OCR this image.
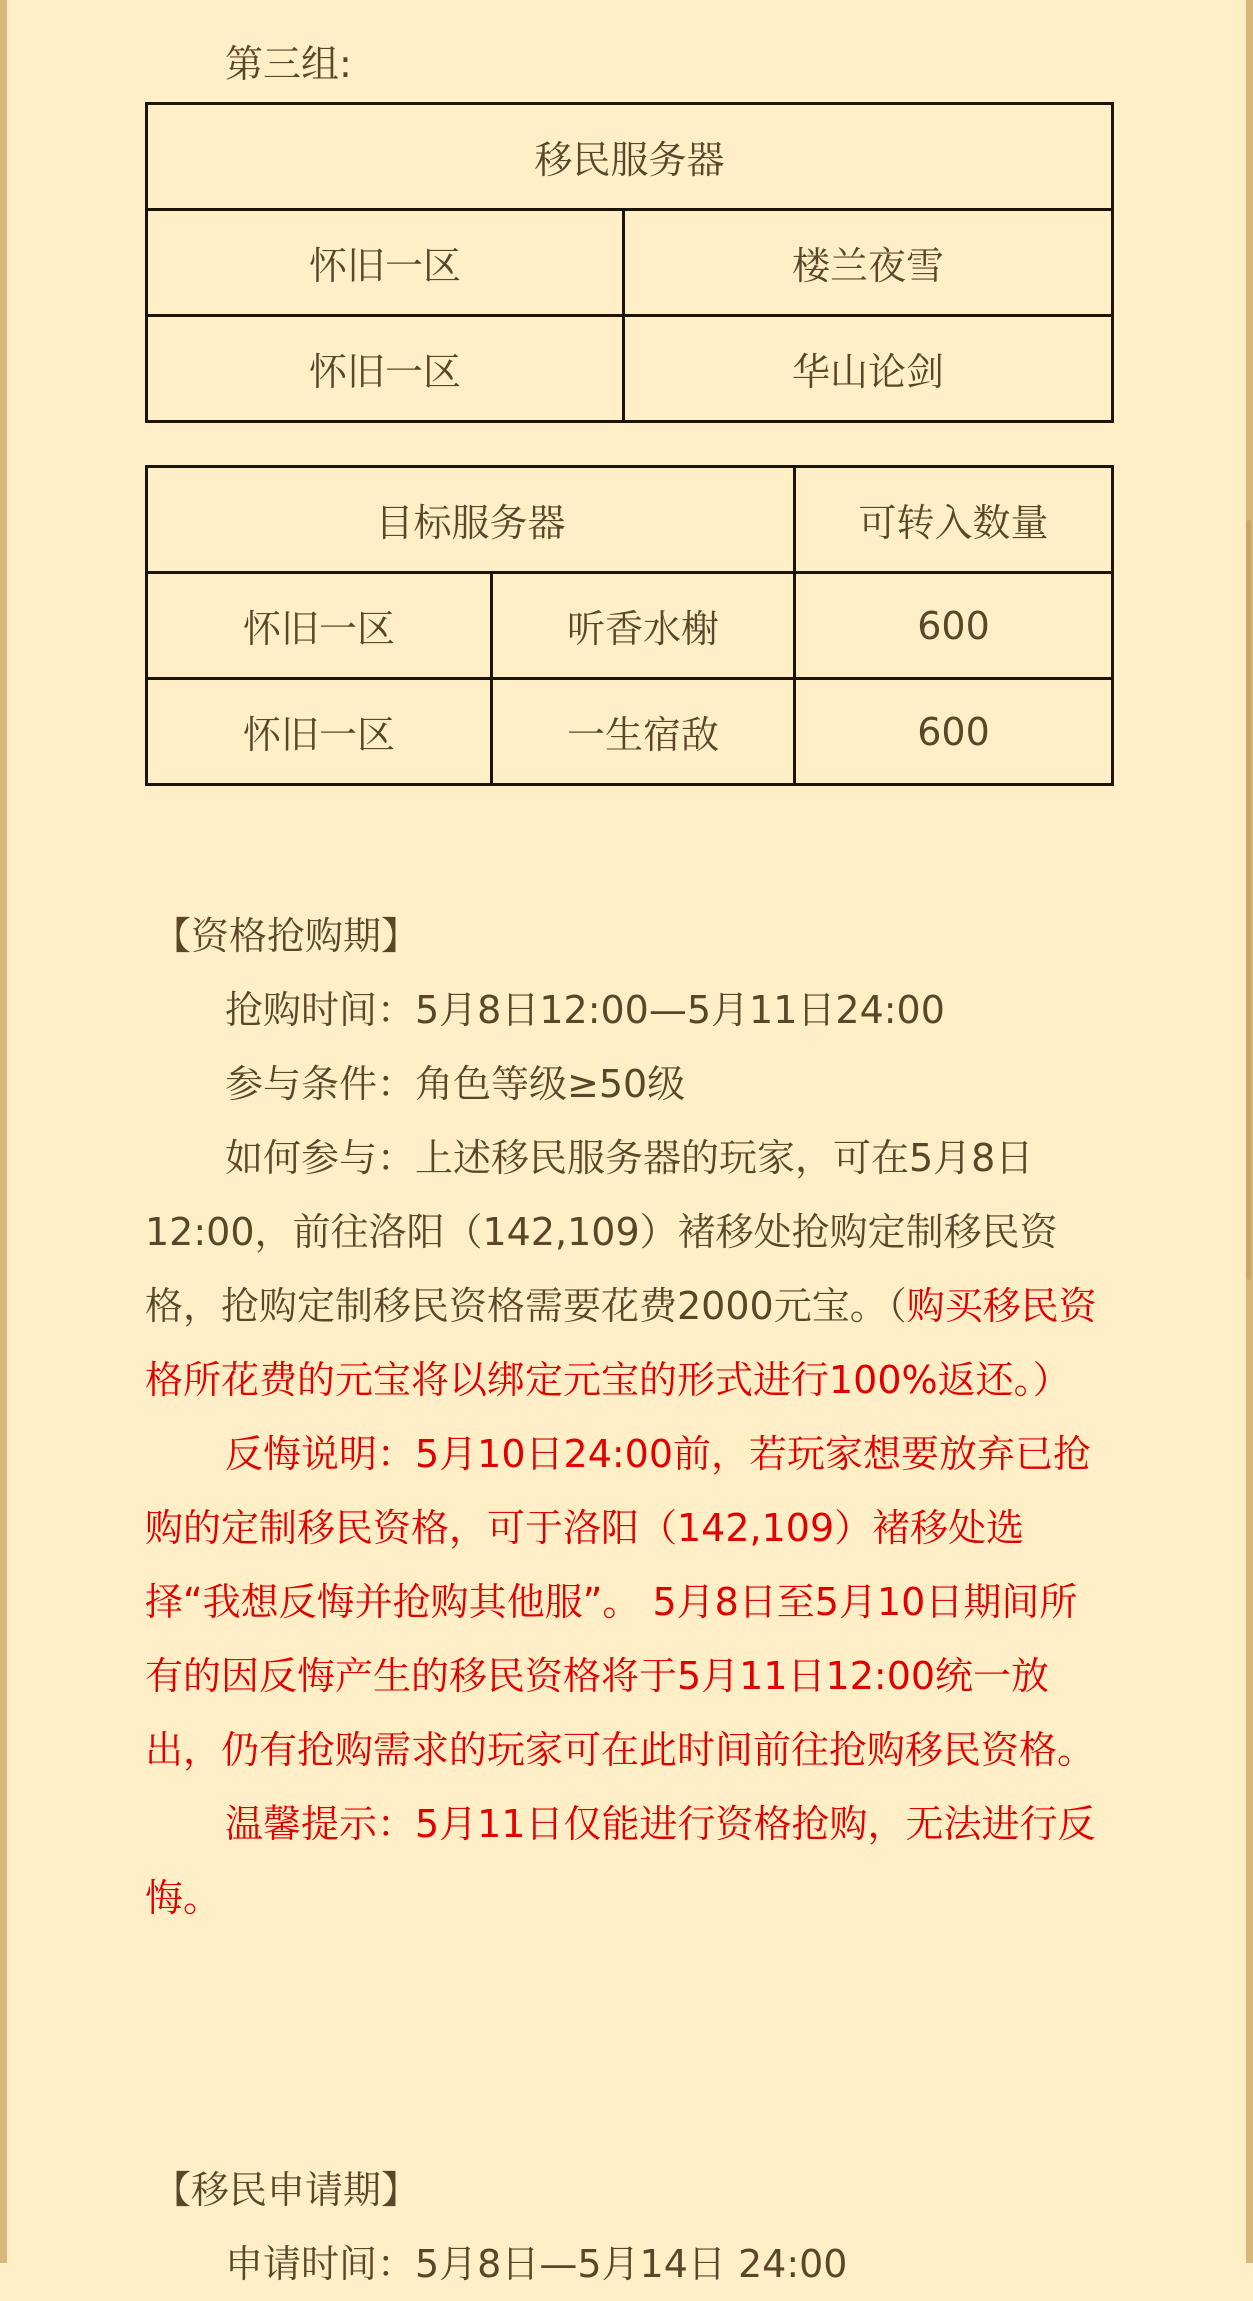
第三组:
移民服务器	
怀旧一区	楼兰夜雪
怀旧一区	华山论剑
目标服务器		可转入数量
怀旧一区	听香水榭	600
怀旧一区	一生宿敌	600

【资格抢购期】

抢购时间：5月8日12:00—5月11日24:00

参与条件：角色等级≥50级

如何参与：上述移民服务器的玩家，可在5月8日12:00，前往洛阳（142,109）褚移处抢购定制移民资格，抢购定制移民资格需要花费2000元宝。（购买移民资格所花费的元宝将以绑定元宝的形式进行100%返还。）

反悔说明：5月10日24:00前，若玩家想要放弃已抢购的定制移民资格，可于洛阳（142,109）褚移处选择“我想反悔并抢购其他服”。 5月8日至5月10日期间所有的因反悔产生的移民资格将于5月11日12:00统一放出，仍有抢购需求的玩家可在此时间前往抢购移民资格。

温馨提示：5月11日仅能进行资格抢购，无法进行反悔。

【移民申请期】

申请时间：5月8日—5月14日 24:00
